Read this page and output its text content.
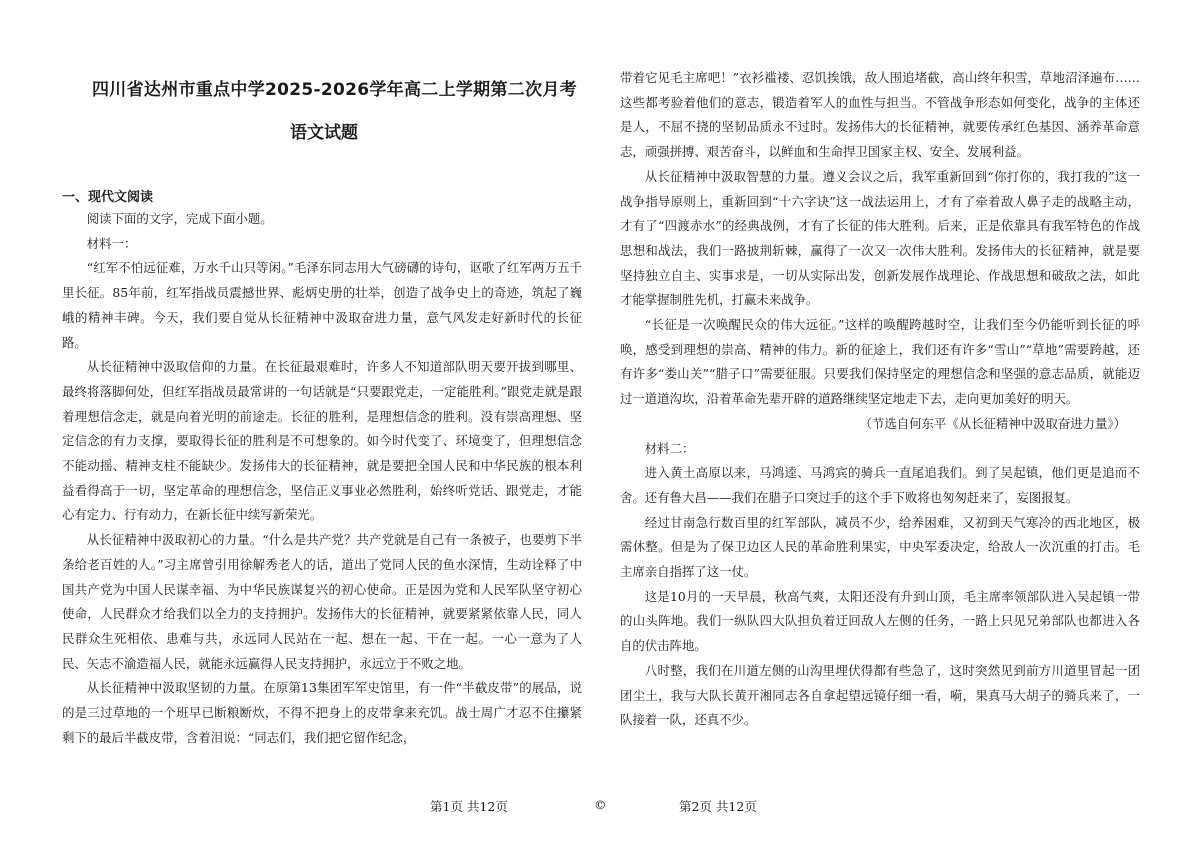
四川省达州市重点中学2025-2026学年高二上学期第二次月考
语文试题
一、现代文阅读

阅读下面的文字，完成下面小题。

材料一：

“红军不怕远征难，万水千山只等闲。”毛泽东同志用大气磅礴的诗句，讴歌了红军两万五千里长征。85年前，红军指战员震撼世界、彪炳史册的壮举，创造了战争史上的奇迹，筑起了巍峨的精神丰碑。今天，我们要自觉从长征精神中汲取奋进力量，意气风发走好新时代的长征路。

从长征精神中汲取信仰的力量。在长征最艰难时，许多人不知道部队明天要开拔到哪里、最终将落脚何处，但红军指战员最常讲的一句话就是“只要跟党走，一定能胜利。”跟党走就是跟着理想信念走，就是向着光明的前途走。长征的胜利，是理想信念的胜利。没有崇高理想、坚定信念的有力支撑，要取得长征的胜利是不可想象的。如今时代变了、环境变了，但理想信念不能动摇、精神支柱不能缺少。发扬伟大的长征精神，就是要把全国人民和中华民族的根本利益看得高于一切，坚定革命的理想信念，坚信正义事业必然胜利，始终听党话、跟党走，才能心有定力、行有动力，在新长征中续写新荣光。

从长征精神中汲取初心的力量。“什么是共产党？共产党就是自己有一条被子，也要剪下半条给老百姓的人。”习主席曾引用徐解秀老人的话，道出了党同人民的鱼水深情，生动诠释了中国共产党为中国人民谋幸福、为中华民族谋复兴的初心使命。正是因为党和人民军队坚守初心使命，人民群众才给我们以全力的支持拥护。发扬伟大的长征精神，就要紧紧依靠人民，同人民群众生死相依、患难与共，永远同人民站在一起、想在一起、干在一起。一心一意为了人民、矢志不渝造福人民，就能永远赢得人民支持拥护，永远立于不败之地。

从长征精神中汲取坚韧的力量。在原第13集团军军史馆里，有一件“半截皮带”的展品，说的是三过草地的一个班早已断粮断炊，不得不把身上的皮带拿来充饥。战士周广才忍不住攥紧剩下的最后半截皮带，含着泪说：“同志们，我们把它留作纪念，

带着它见毛主席吧！”衣衫褴褛、忍饥挨饿，敌人围追堵截，高山终年积雪，草地沼泽遍布……这些都考验着他们的意志，锻造着军人的血性与担当。不管战争形态如何变化，战争的主体还是人，不屈不挠的坚韧品质永不过时。发扬伟大的长征精神，就要传承红色基因、涵养革命意志，顽强拼搏、艰苦奋斗，以鲜血和生命捍卫国家主权、安全、发展利益。

从长征精神中汲取智慧的力量。遵义会议之后，我军重新回到“你打你的，我打我的”这一战争指导原则上，重新回到“十六字诀”这一战法运用上，才有了牵着敌人鼻子走的战略主动，才有了“四渡赤水”的经典战例，才有了长征的伟大胜利。后来，正是依靠具有我军特色的作战思想和战法，我们一路披荆斩棘，赢得了一次又一次伟大胜利。发扬伟大的长征精神，就是要坚持独立自主、实事求是，一切从实际出发，创新发展作战理论、作战思想和破敌之法，如此才能掌握制胜先机，打赢未来战争。

“长征是一次唤醒民众的伟大远征。”这样的唤醒跨越时空，让我们至今仍能听到长征的呼唤，感受到理想的崇高、精神的伟力。新的征途上，我们还有许多“雪山”“草地”需要跨越，还有许多“娄山关”“腊子口”需要征服。只要我们保持坚定的理想信念和坚强的意志品质，就能迈过一道道沟坎，沿着革命先辈开辟的道路继续坚定地走下去，走向更加美好的明天。

（节选自何东平《从长征精神中汲取奋进力量》）

材料二：

进入黄土高原以来，马鸿逵、马鸿宾的骑兵一直尾追我们。到了吴起镇，他们更是追而不舍。还有鲁大昌——我们在腊子口突过手的这个手下败将也匆匆赶来了，妄图报复。

经过甘南急行数百里的红军部队，减员不少，给养困难，又初到天气寒冷的西北地区，极需休整。但是为了保卫边区人民的革命胜利果实，中央军委决定，给敌人一次沉重的打击。毛主席亲自指挥了这一仗。

这是10月的一天早晨，秋高气爽，太阳还没有升到山顶，毛主席率领部队进入吴起镇一带的山头阵地。我们一纵队四大队担负着迂回敌人左侧的任务，一路上只见兄弟部队也都进入各自的伏击阵地。

八时整，我们在川道左侧的山沟里埋伏得都有些急了，这时突然见到前方川道里冒起一团团尘土，我与大队长黄开湘同志各自拿起望远镜仔细一看，嗬，果真马大胡子的骑兵来了，一队接着一队，还真不少。

第1页 共12页	©	第2页 共12页
